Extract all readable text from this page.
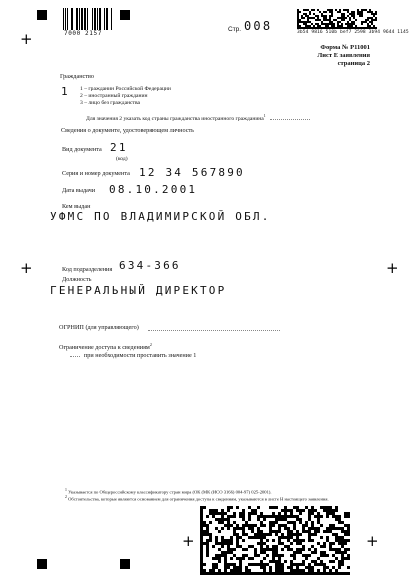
+
+	+
+	+
7000 2157
Стр. 008	3b54 9816 510b bef7 2598 3b94 9644 1145
Форма № Р11001
Лист Е заявления
страница 2
Гражданство
1 1 – гражданин Российской Федерации
2 – иностранный гражданин
3 – лицо без гражданства
Для значения 2 указать код страны гражданства иностранного гражданина$^1$
Сведения о документе, удостоверяющем личность
Вид документа 21
(код)
Серия и номер документа 12 34 567890
Дата выдачи 08.10.2001
Кем выдан
УФМС ПО ВЛАДИМИРСКОЙ ОБЛ.
Код подразделения 634-366
Должность
ГЕНЕРАЛЬНЫЙ ДИРЕКТОР
ОГРНИП (для управляющего)
Ограничение доступа к сведениям$^2$
при необходимости проставить значение 1
$^1$ Указывается по Общероссийскому классификатору стран мира (ОК (МК (ИСО 3166) 004-97) 025-2001).
$^2$ Обстоятельства, которые являются основанием для ограничения доступа к сведениям, указываются в листе Н настоящего заявления.
